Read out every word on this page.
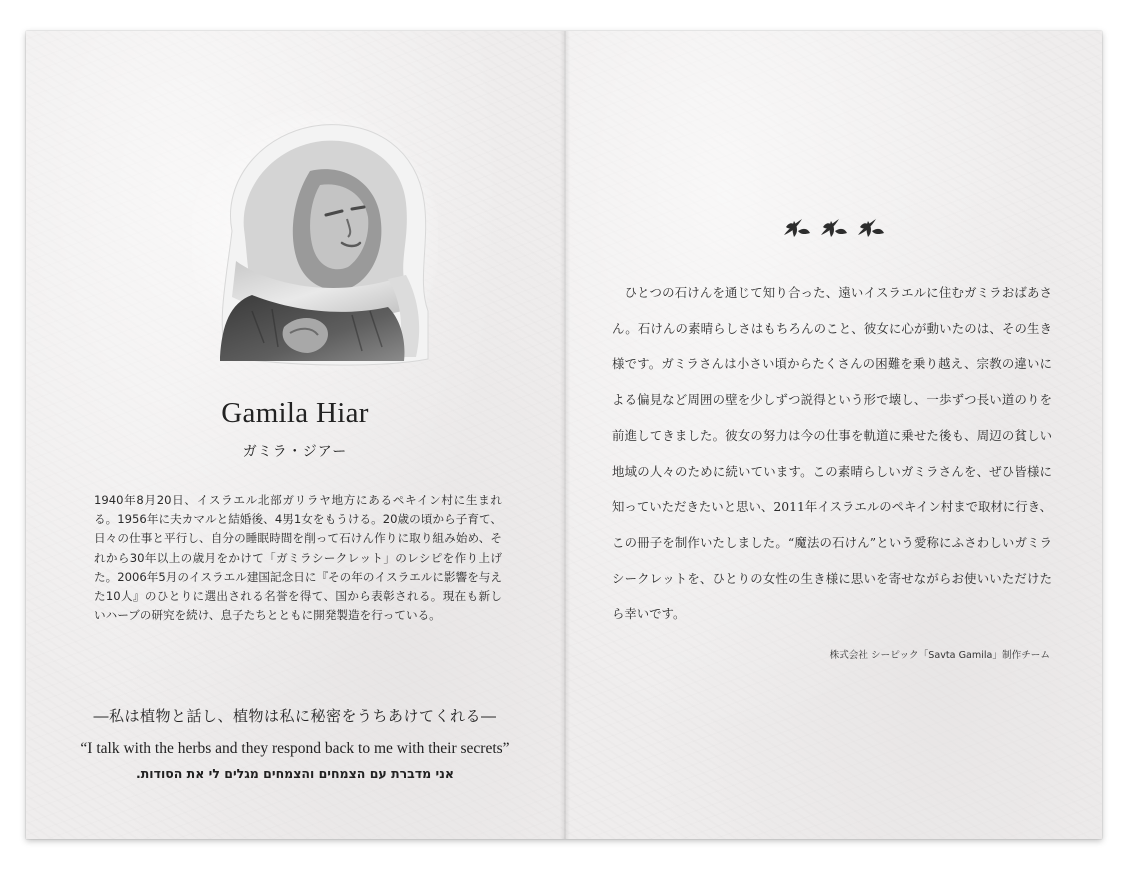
Gamila Hiar
ガミラ・ジアー
1940年8月20日、イスラエル北部ガリラヤ地方にあるペキイン村に生まれる。1956年に夫カマルと結婚後、4男1女をもうける。20歳の頃から子育て、日々の仕事と平行し、自分の睡眠時間を削って石けん作りに取り組み始め、それから30年以上の歳月をかけて「ガミラシークレット」のレシピを作り上げた。2006年5月のイスラエル建国記念日に『その年のイスラエルに影響を与えた10人』のひとりに選出される名誉を得て、国から表彰される。現在も新しいハーブの研究を続け、息子たちとともに開発製造を行っている。
―私は植物と話し、植物は私に秘密をうちあけてくれる―
“I talk with the herbs and they respond back to me with their secrets”
אני מדברת עם הצמחים והצמחים מגלים לי את הסודות.

　ひとつの石けんを通じて知り合った、遠いイスラエルに住むガミラおばあさん。石けんの素晴らしさはもちろんのこと、彼女に心が動いたのは、その生き様です。ガミラさんは小さい頃からたくさんの困難を乗り越え、宗教の違いによる偏見など周囲の壁を少しずつ説得という形で壊し、一歩ずつ長い道のりを前進してきました。彼女の努力は今の仕事を軌道に乗せた後も、周辺の貧しい地域の人々のために続いています。この素晴らしいガミラさんを、ぜひ皆様に知っていただきたいと思い、2011年イスラエルのペキイン村まで取材に行き、この冊子を制作いたしました。“魔法の石けん”という愛称にふさわしいガミラシークレットを、ひとりの女性の生き様に思いを寄せながらお使いいただけたら幸いです。

株式会社 シーピック「Savta Gamila」制作チーム
